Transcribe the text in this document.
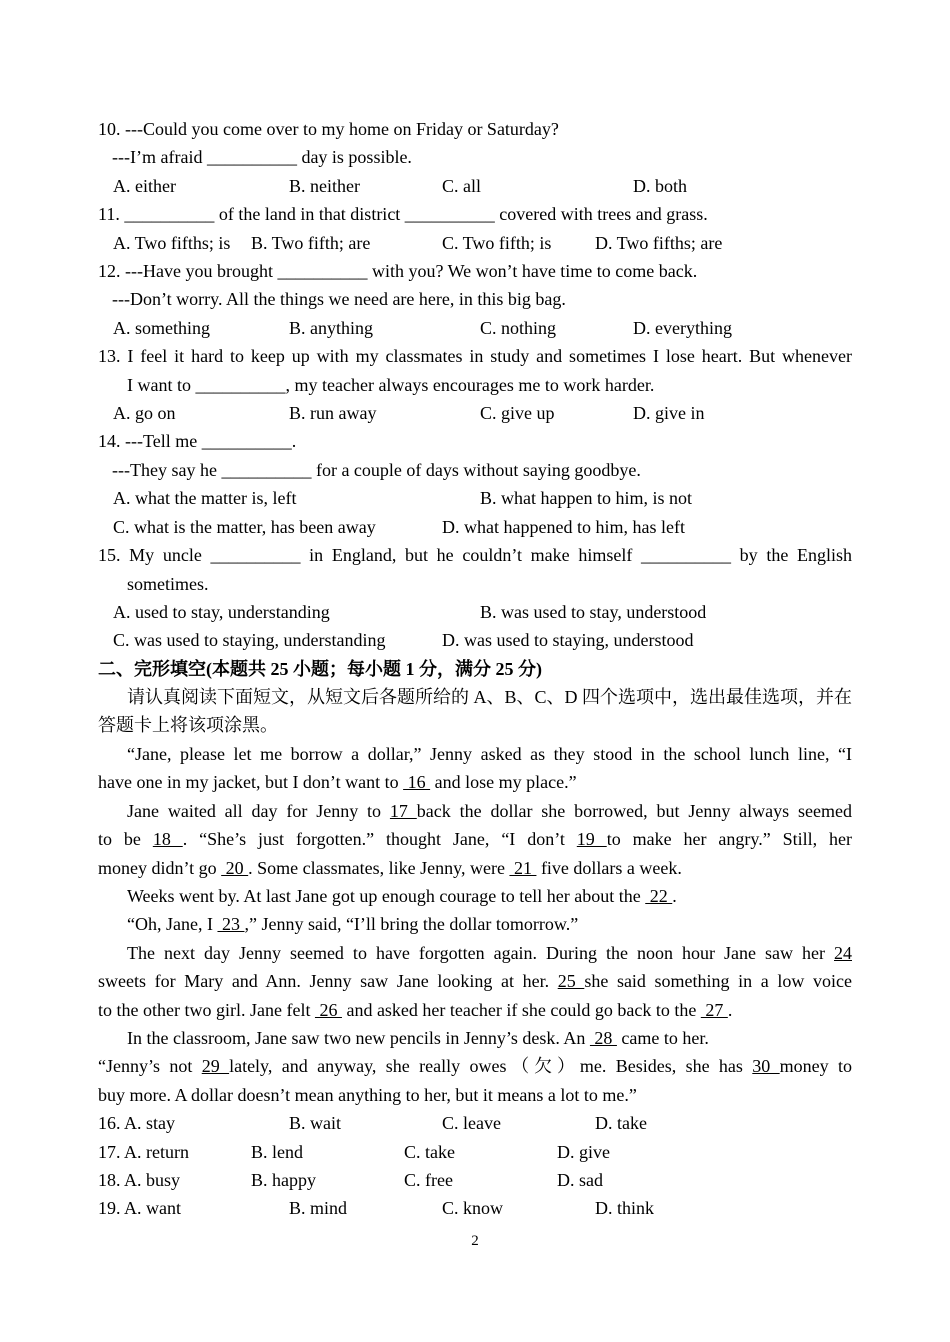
10. ---Could you come over to my home on Friday or Saturday?
---I’m afraid __________ day is possible.
A. either	B. neither	C. all	D. both
11. __________ of the land in that district __________ covered with trees and grass.
A. Two fifths; is B. Two fifth; are	C. Two fifth; is D. Two fifths; are
12. ---Have you brought __________ with you? We won’t have time to come back.
---Don’t worry. All the things we need are here, in this big bag.
A. something	B. anything	C. nothing	D. everything
13. I feel it hard to keep up with my classmates in study and sometimes I lose heart. But whenever
I want to __________, my teacher always encourages me to work harder.
A. go on	B. run away	C. give up	D. give in
14. ---Tell me __________.
---They say he __________ for a couple of days without saying goodbye.
A. what the matter is, left	B. what happen to him, is not
C. what is the matter, has been away	D. what happened to him, has left
15. My uncle __________ in England, but he couldn’t make himself __________ by the English
sometimes.
A. used to stay, understanding	B. was used to stay, understood
C. was used to staying, understanding	D. was used to staying, understood
二、完形填空(本题共 25 小题；每小题 1 分，满分 25 分)
请认真阅读下面短文，从短文后各题所给的 A、B、C、D 四个选项中，选出最佳选项，并在
答题卡上将该项涂黑。
“Jane, please let me borrow a dollar,” Jenny asked as they stood in the school lunch line, “I
have one in my jacket, but I don’t want to  16  and lose my place.”
Jane waited all day for Jenny to 17 back the dollar she borrowed, but Jenny always seemed
to be 18 . “She’s just forgotten.” thought Jane, “I don’t 19 to make her angry.” Still, her
money didn’t go  20 . Some classmates, like Jenny, were  21  five dollars a week.
Weeks went by. At last Jane got up enough courage to tell her about the  22 .
“Oh, Jane, I  23 ,” Jenny said, “I’ll bring the dollar tomorrow.”
The next day Jenny seemed to have forgotten again. During the noon hour Jane saw her 24
sweets for Mary and Ann. Jenny saw Jane looking at her. 25 she said something in a low voice
to the other two girl. Jane felt  26  and asked her teacher if she could go back to the  27 .
In the classroom, Jane saw two new pencils in Jenny’s desk. An  28  came to her.
“Jenny’s not 29 lately, and anyway, she really owes（欠）me. Besides, she has 30 money to
buy more. A dollar doesn’t mean anything to her, but it means a lot to me.”
16. A. stay	B. wait	C. leave	D. take
17. A. return	B. lend	C. take	D. give
18. A. busy	B. happy	C. free	D. sad
19. A. want	B. mind	C. know	D. think
2
